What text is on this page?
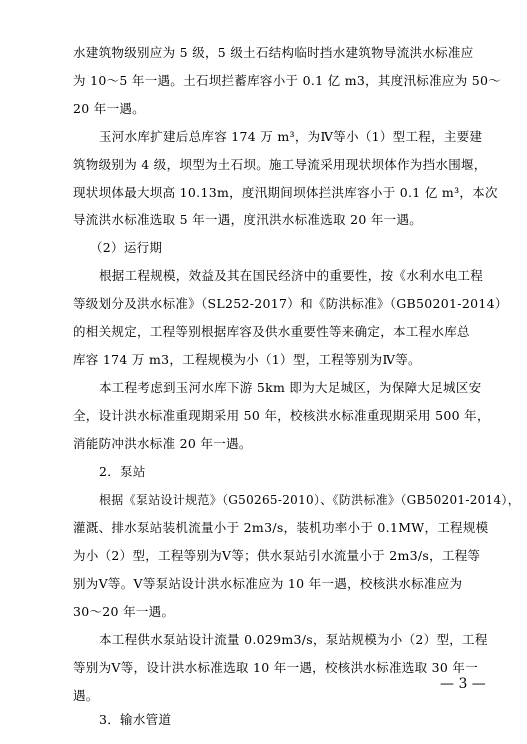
水建筑物级别应为 5 级，5 级土石结构临时挡水建筑物导流洪水标准应
为 10～5 年一遇。土石坝拦蓄库容小于 0.1 亿 m3，其度汛标准应为 50～
20 年一遇。
玉河水库扩建后总库容 174 万 m³，为Ⅳ等小（1）型工程，主要建
筑物级别为 4 级，坝型为土石坝。施工导流采用现状坝体作为挡水围堰，
现状坝体最大坝高 10.13m，度汛期间坝体拦洪库容小于 0.1 亿 m³，本次
导流洪水标准选取 5 年一遇，度汛洪水标准选取 20 年一遇。
（2）运行期
根据工程规模，效益及其在国民经济中的重要性，按《水利水电工程
等级划分及洪水标准》（SL252-2017）和《防洪标准》（GB50201-2014）
的相关规定，工程等别根据库容及供水重要性等来确定，本工程水库总
库容 174 万 m3，工程规模为小（1）型，工程等别为Ⅳ等。
本工程考虑到玉河水库下游 5km 即为大足城区，为保障大足城区安
全，设计洪水标准重现期采用 50 年，校核洪水标准重现期采用 500 年，
消能防冲洪水标准 20 年一遇。
2．泵站
根据《泵站设计规范》（G50265-2010）、《防洪标准》（GB50201-2014），
灌溉、排水泵站装机流量小于 2m3/s，装机功率小于 0.1MW，工程规模
为小（2）型，工程等别为Ⅴ等；供水泵站引水流量小于 2m3/s，工程等
别为Ⅴ等。Ⅴ等泵站设计洪水标准应为 10 年一遇，校核洪水标准应为
30～20 年一遇。
本工程供水泵站设计流量 0.029m3/s，泵站规模为小（2）型，工程
等别为Ⅴ等，设计洪水标准选取 10 年一遇，校核洪水标准选取 30 年一
遇。
3．输水管道
— 3 —
